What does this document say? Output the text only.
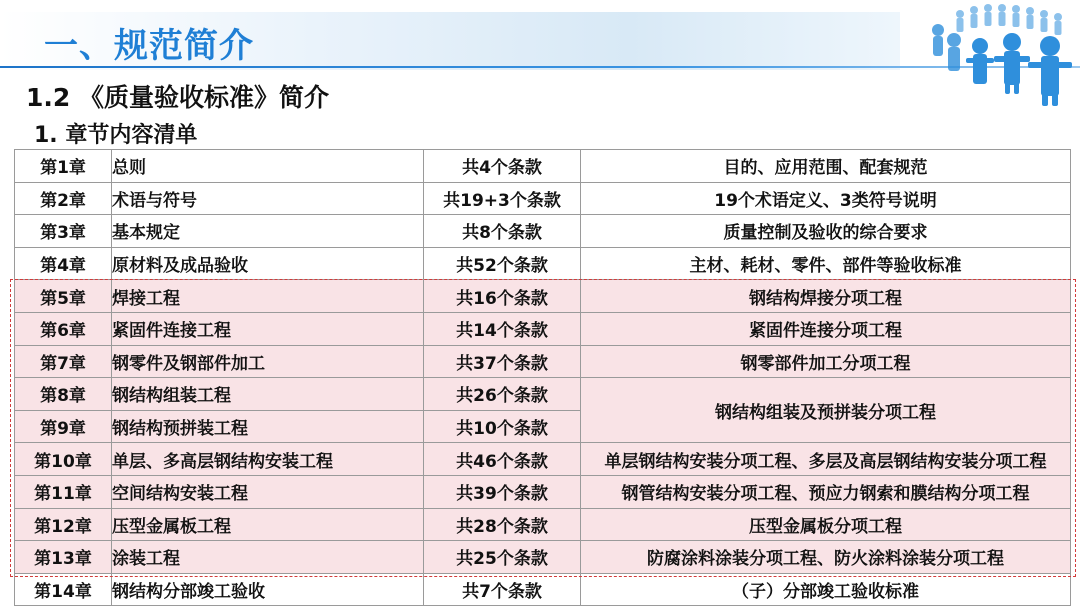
一、规范简介
1.2 《质量验收标准》简介
1. 章节内容清单
第1章	总则	共4个条款	目的、应用范围、配套规范
第2章	术语与符号	共19+3个条款	19个术语定义、3类符号说明
第3章	基本规定	共8个条款	质量控制及验收的综合要求
第4章	原材料及成品验收	共52个条款	主材、耗材、零件、部件等验收标准
第5章	焊接工程	共16个条款	钢结构焊接分项工程
第6章	紧固件连接工程	共14个条款	紧固件连接分项工程
第7章	钢零件及钢部件加工	共37个条款	钢零部件加工分项工程
第8章	钢结构组装工程	共26个条款	钢结构组装及预拼装分项工程
第9章	钢结构预拼装工程	共10个条款	
第10章	单层、多高层钢结构安装工程	共46个条款	单层钢结构安装分项工程、多层及高层钢结构安装分项工程
第11章	空间结构安装工程	共39个条款	钢管结构安装分项工程、预应力钢索和膜结构分项工程
第12章	压型金属板工程	共28个条款	压型金属板分项工程
第13章	涂装工程	共25个条款	防腐涂料涂装分项工程、防火涂料涂装分项工程
第14章	钢结构分部竣工验收	共7个条款	（子）分部竣工验收标准
